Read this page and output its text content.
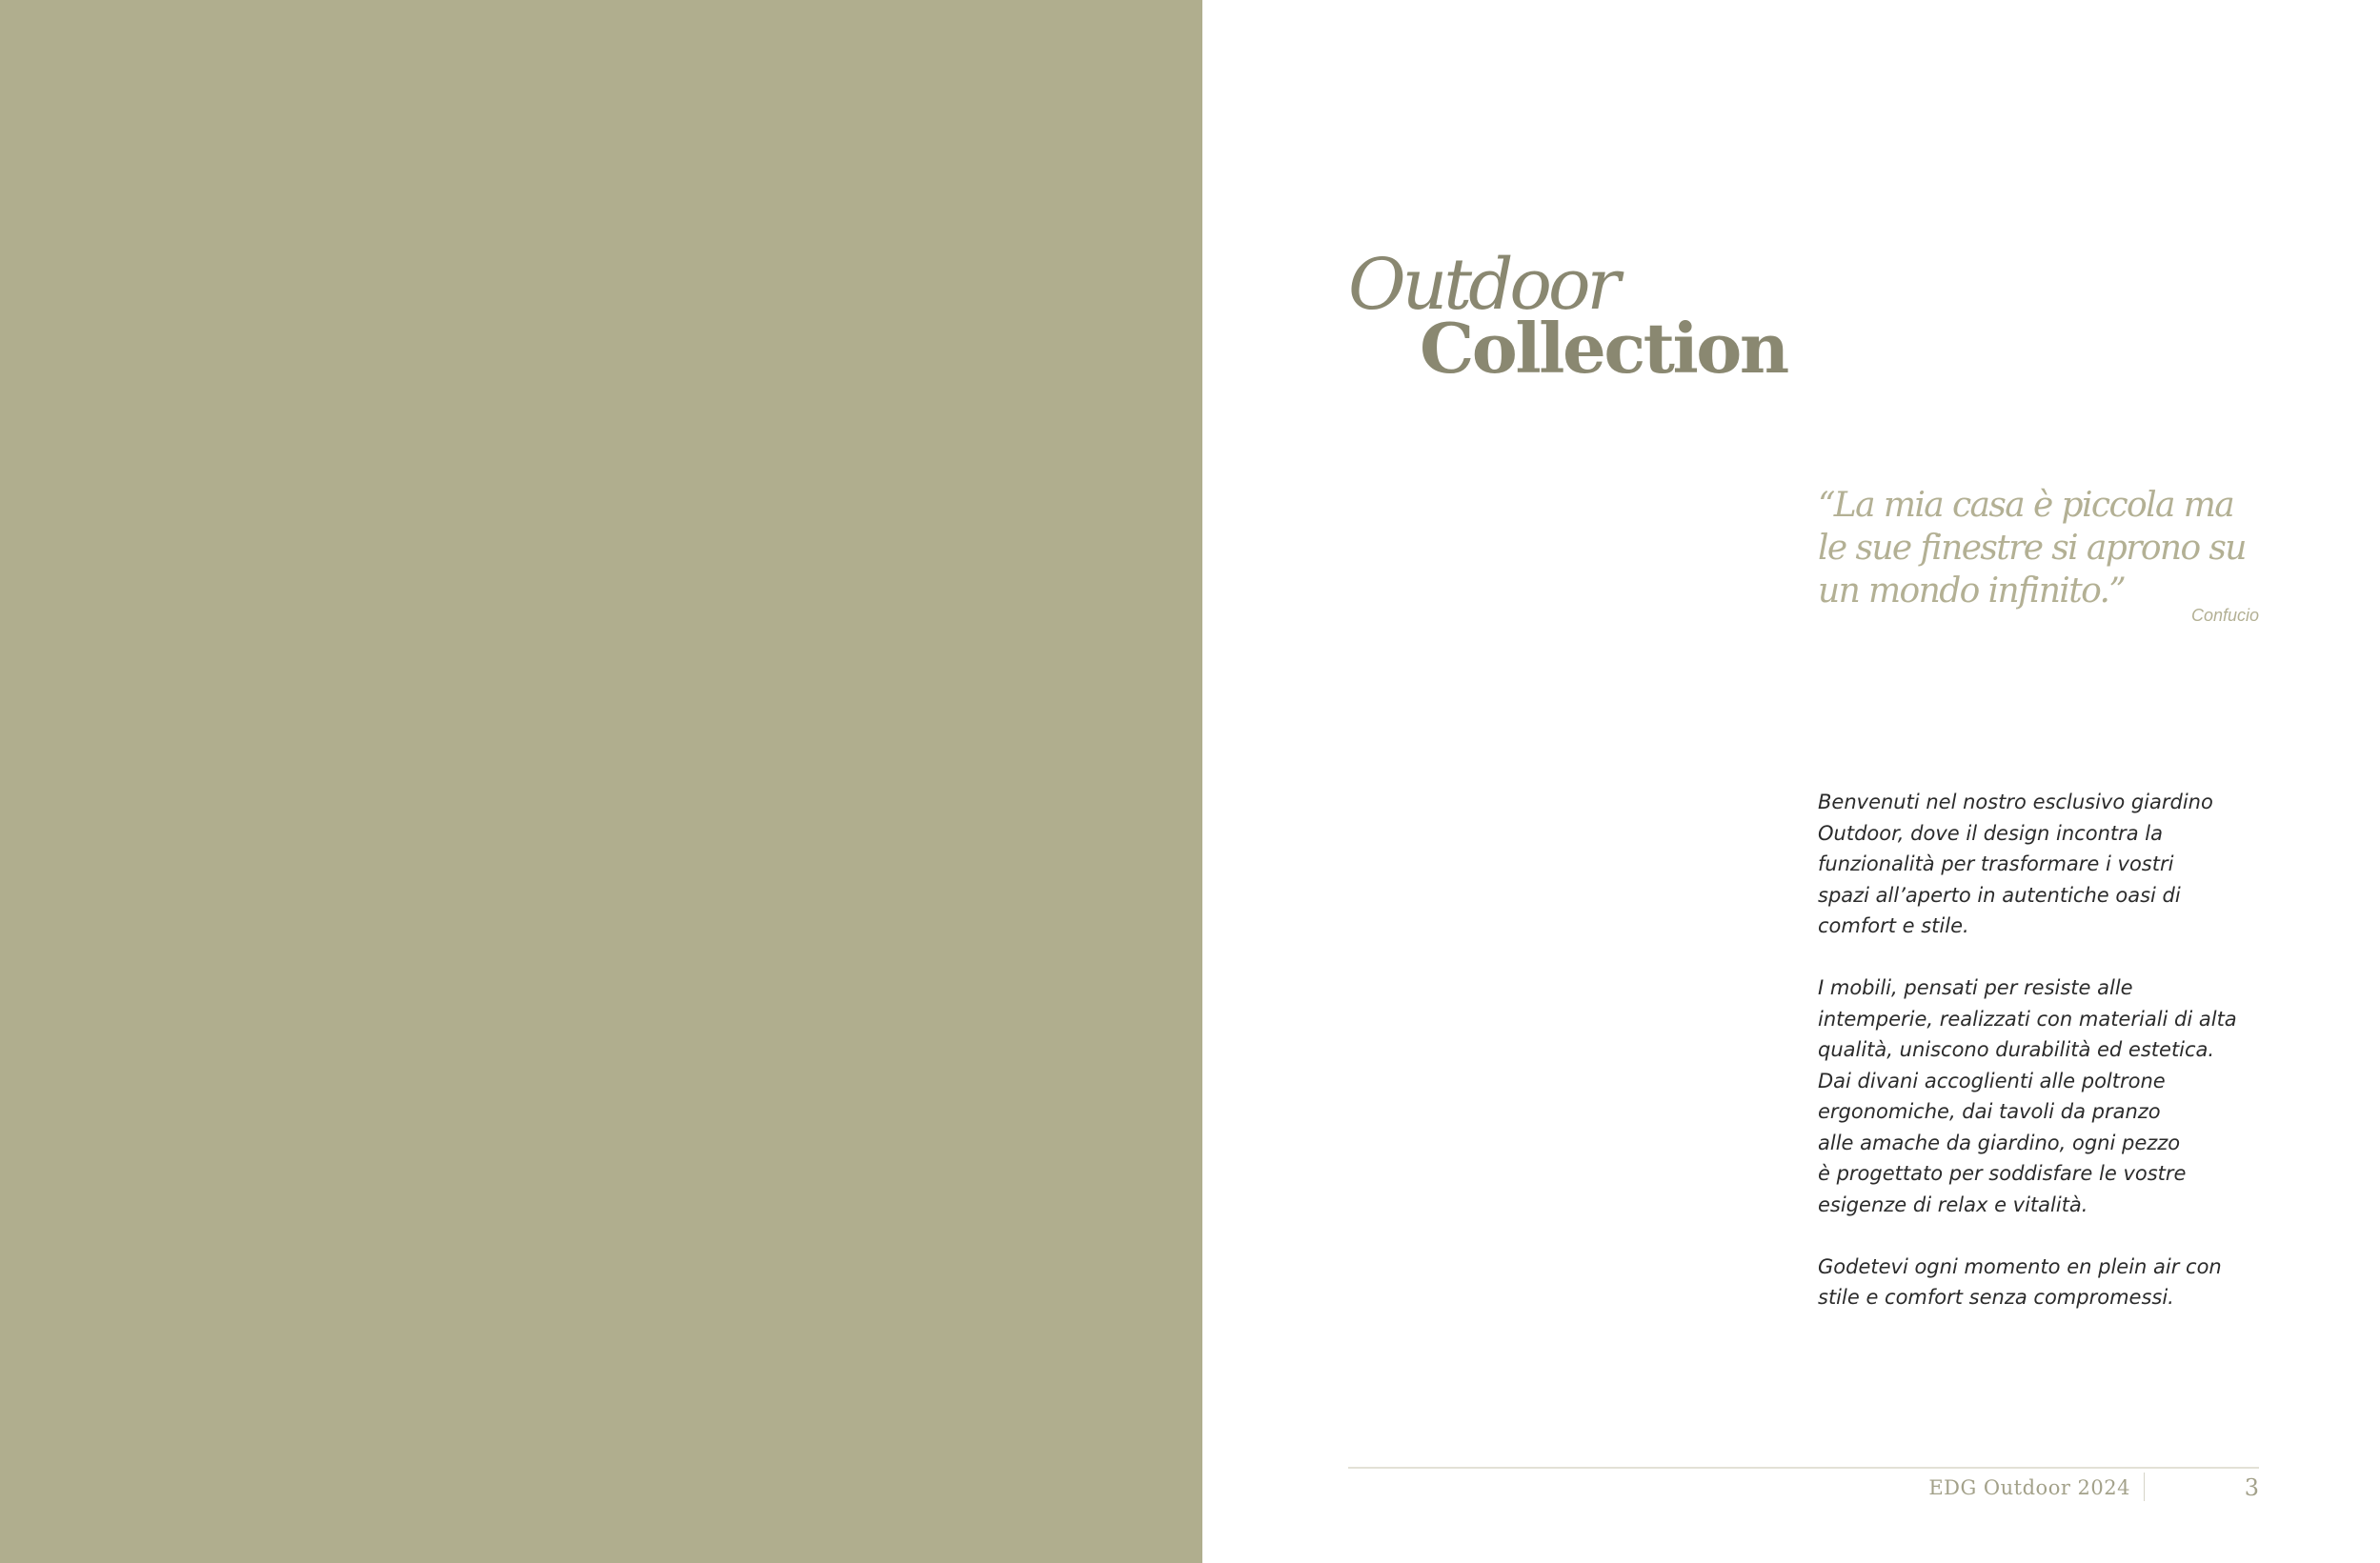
Outdoor
Collection
“La mia casa è piccola ma le sue finestre si aprono su un mondo infinito.”
Confucio

Benvenuti nel nostro esclusivo giardino
Outdoor, dove il design incontra la
funzionalità per trasformare i vostri
spazi all’aperto in autentiche oasi di
comfort e stile.

I mobili, pensati per resiste alle
intemperie, realizzati con materiali di alta
qualità, uniscono durabilità ed estetica.
Dai divani accoglienti alle poltrone
ergonomiche, dai tavoli da pranzo
alle amache da giardino, ogni pezzo
è progettato per soddisfare le vostre
esigenze di relax e vitalità.

Godetevi ogni momento en plein air con
stile e comfort senza compromessi.

EDG Outdoor 2024	3
